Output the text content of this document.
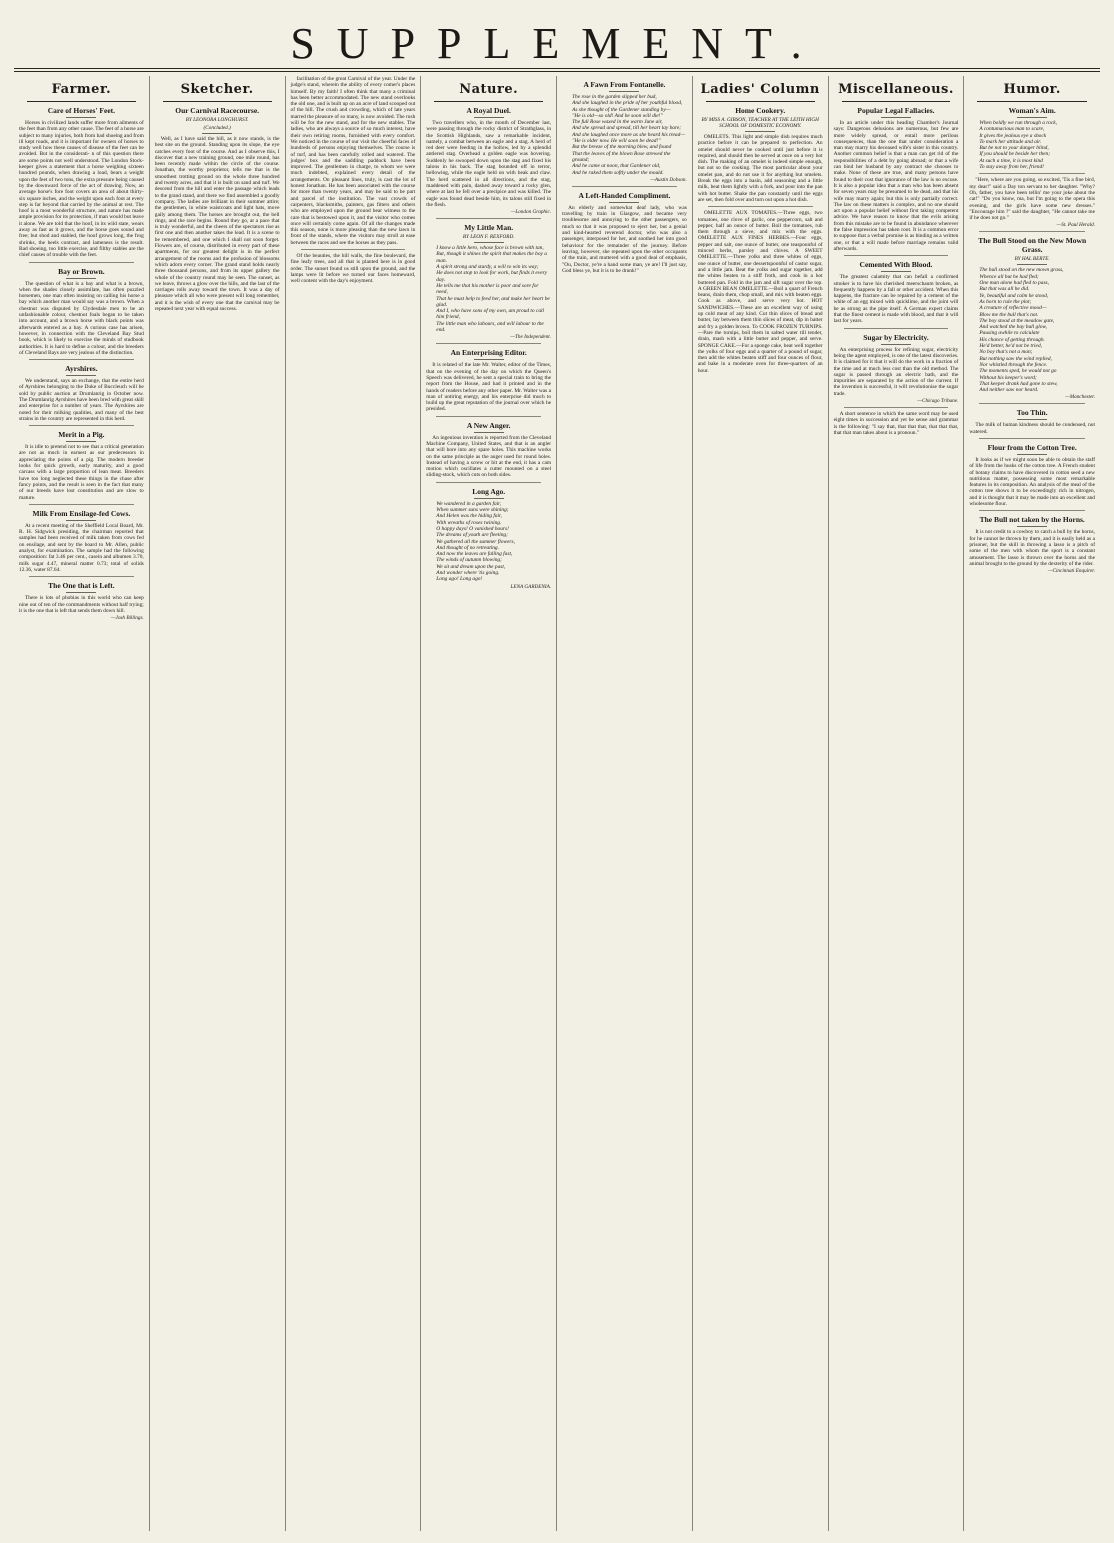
SUPPLEMENT.
Farmer.
Care of Horses' Feet.

Horses in civilized lands suffer more from ailments of the feet than from any other cause. The feet of a horse are subject to many injuries, both from bad shoeing and from ill kept roads, and it is important for owners of horses to study well how these causes of disease of the feet can be avoided. But in the considerati- n of this question there are some points not well understood. The London Stock-keeper gives a statement that a horse weighing sixteen hundred pounds, when drawing a load, bears a weight upon the feet of two tons, the extra pressure being caused by the downward force of the act of drawing. Now, an average horse's fore foot covers an area of about thirty-six square inches, and the weight upon each foot at every step is far beyond that carried by the animal at rest. The hoof is a most wonderful structure, and nature has made ample provision for its protection, if man would but leave it alone. We are told that the hoof, in its wild state, wears away as fast as it grows, and the horse goes sound and free; but shod and stabled, the hoof grows long, the frog shrinks, the heels contract, and lameness is the result. Bad shoeing, too little exercise, and filthy stables are the chief causes of trouble with the feet.

Bay or Brown.

The question of what is a bay and what is a brown, when the shades closely assimilate, has often puzzled horsemen, one man often insisting on calling his horse a bay which another man would say was a brown. When a chestnut was disputed by Clydesdale men to be an unfashionable colour, chestnut foals began to be taken into account, and a brown horse with black points was afterwards entered as a bay. A curious case has arisen, however, in connection with the Cleveland Bay Stud book, which is likely to exercise the minds of studbook authorities. It is hard to define a colour, and the breeders of Cleveland Bays are very jealous of the distinction.

Ayrshires.

We understand, says an exchange, that the entire herd of Ayrshires belonging to the Duke of Buccleuch will be sold by public auction at Drumlanrig in October now. The Drumlanrig Ayrshires have been bred with great skill and enterprise for a number of years. The Ayrshires are noted for their milking qualities, and many of the best strains in the country are represented in this herd.

Merit in a Pig.

It is idle to pretend not to see that a critical generation are not as much in earnest as our predecessors in appreciating the points of a pig. The modern breeder looks for quick growth, early maturity, and a good carcass with a large proportion of lean meat. Breeders have too long neglected these things in the chase after fancy points, and the result is seen in the fact that many of our breeds have lost constitution and are slow to mature.

Milk From Ensilage-fed Cows.

At a recent meeting of the Sheffield Local Board, Mr. R. H. Sidgwick presiding, the chairman reported that samples had been received of milk taken from cows fed on ensilage, and sent by the board to Mr. Allen, public analyst, for examination. The sample had the following composition: fat 3.46 per cent., casein and albumen 3.70, milk sugar 4.47, mineral matter 0.73; total of solids 12.36, water 87.64.

The One that is Left.

There is lots of phobias in this world who can keep nine out of ten of the commandments without half trying; it is the one that is left that sends them down hill.

—Josh Billings.
Sketcher.
Our Carnival Racecourse.
BY LEONORA LONGHURST.
(Concluded.)

Well, as I have said the hill, as it now stands, is the best site on the ground. Standing upon its slope, the eye catches every foot of the course. And as I observe this, I discover that a new training ground, one mile round, has been recently made within the circle of the course. Jonathan, the worthy proprietor, tells me that is the smoothest trotting ground on the whole three hundred and twenty acres, and that it is built on sand and turf. We descend from the hill and enter the passage which leads to the grand stand, and there we find assembled a goodly company. The ladies are brilliant in their summer attire; the gentlemen, in white waistcoats and light hats, move gaily among them. The horses are brought out, the bell rings, and the race begins. Round they go, at a pace that is truly wonderful, and the cheers of the spectators rise as first one and then another takes the lead. It is a scene to be remembered, and one which I shall not soon forget. Flowers are, of course, distributed in every part of these apartments, for our greatest delight is in the perfect arrangement of the rooms and the profusion of blossoms which adorn every corner. The grand stand holds nearly three thousand persons, and from its upper gallery the whole of the country round may be seen. The sunset, as we leave, throws a glow over the hills, and the last of the carriages rolls away toward the town. It was a day of pleasure which all who were present will long remember, and it is the wish of every one that the carnival may be repeated next year with equal success.

facilitation of the great Carnival of the year. Under the judge's stand, wherein the ability of every comer's places himself. By my faith! I often think that many a criminal has been better accommodated. The new stand overlooks the old one, and is built up on an acre of land scooped out of the hill. The crush and crowding, which of late years marred the pleasure of so many, is now avoided. The rush will be for the new stand, and for the new stables. The ladies, who are always a source of so much interest, have their own retiring rooms, furnished with every comfort. We noticed in the course of our visit the cheerful faces of hundreds of persons enjoying themselves. The course is of turf, and has been carefully rolled and watered. The judges' box and the saddling paddock have been improved. The gentlemen in charge, to whom we were much indebted, explained every detail of the arrangements. On pleasant lines, truly, is cast the lot of honest Jonathan. He has been associated with the course for more than twenty years, and may be said to be part and parcel of the institution. The vast crowds of carpenters, blacksmiths, painters, gas fitters and others who are employed upon the ground bear witness to the care that is bestowed upon it, and the visitor who comes once will certainly come again. Of all the changes made this season, none is more pleasing than the new lawn in front of the stands, where the visitors may stroll at ease between the races and see the horses as they pass.

Of the beauties, the hill walls, the fine boulevard, the fine leafy trees, and all that is planted here is in good order. The sunset found us still upon the ground, and the lamps were lit before we turned our faces homeward, well content with the day's enjoyment.

Nature.
A Royal Duel.

Two travellers who, in the month of December last, were passing through the rocky district of Strathglass, in the Scottish Highlands, saw a remarkable incident, namely, a combat between an eagle and a stag. A herd of red deer were feeding in the hollow, led by a splendid antlered stag. Overhead a golden eagle was hovering. Suddenly he swooped down upon the stag and fixed his talons in his back. The stag bounded off in terror, bellowing, while the eagle held on with beak and claw. The herd scattered in all directions, and the stag, maddened with pain, dashed away toward a rocky glen, where at last he fell over a precipice and was killed. The eagle was found dead beside him, its talons still fixed in the flesh.

—London Graphic.
My Little Man.
BY LEON F. REXFORD.
I know a little hero, whose face is brown with tan,
But, though it shines the spirit that makes the boy a man.
A spirit strong and sturdy, a will to win its way;
He does not stop to look for work, but finds it every day.
He tells me that his mother is poor and sore for need,
That he must help to feed her, and make her heart be glad.
And I, who have sons of my own, am proud to call him friend,
The little man who labours, and will labour to the end.
—The Independent.
An Enterprising Editor.

It is related of the late Mr. Walter, editor of the Times, that on the evening of the day on which the Queen's Speech was delivered, he sent a special train to bring the report from the House, and had it printed and in the hands of readers before any other paper. Mr. Walter was a man of untiring energy, and his enterprise did much to build up the great reputation of the journal over which he presided.

A New Anger.

An ingenious invention is reported from the Cleveland Machine Company, United States, and that is an angler that will bore into any spare holes. This machine works on the same principle as the auger used for round holes. Instead of having a screw or bit at the end, it has a cam motion which oscillates a cutter mounted on a steel sliding-stock, which cuts on both sides.

Long Ago.
We wandered in a garden fair,
When summer suns were shining;
And Helen was the hiding fair,
With wreaths of roses twining.
O happy days! O vanished hours!
The dreams of youth are fleeting;
We gathered all the summer flowers,
And thought of no retreating.
And now the leaves are falling fast,
The winds of autumn blowing;
We sit and dream upon the past,
And wonder where 'tis going.
Long ago! Long ago!
LENA GARDENIA.
A Fawn From Fontanelle.
The rose in the garden slipped her bud,
And she laughed in the pride of her youthful blood,
As she thought of the Gardener standing by—
"He is old—so old! And he soon will die!"
The full Rose waxed in the warm June air,
And she spread and spread, till her heart lay bare;
And she laughed once more as she heard his tread—
"He is older now. He will soon be dead!"
But the breeze of the morning blew, and found
That the leaves of the blown Rose strewed the ground;
And he came at noon, that Gardener old,
And he raked them softly under the mould.
—Austin Dobson.
A Left-Handed Compliment.

An elderly and somewhat deaf lady, who was travelling by train in Glasgow, and became very troublesome and annoying to the other passengers, so much so that it was proposed to eject her, but a genial and kind-hearted reverend doctor, who was also a passenger, interposed for her, and soothed her into good behaviour for the remainder of the journey. Before leaving, however, she repeated upon the other occupants of the train, and muttered with a good deal of emphasis, "Ou, Doctor, ye're a hand some man, ye are! I'll just say, God bless ye, but it is to be drunk!"

Ladies' Column
Home Cookery.
BY MISS A. GIBSON, TEACHER AT THE LEITH HIGH SCHOOL OF DOMESTIC ECONOMY.

OMELETS. This light and simple dish requires much practice before it can be prepared to perfection. An omelet should never be cooked until just before it is required, and should then be served at once on a very hot dish. The making of an omelet is indeed simple enough, but not so the cooking. The most particular about your omelet pan, and do not use it for anything but omelets. Break the eggs into a basin, add seasoning and a little milk, beat them lightly with a fork, and pour into the pan with hot butter. Shake the pan constantly until the eggs are set, then fold over and turn out upon a hot dish.

OMELETTE AUX TOMATES.—Three eggs, two tomatoes, one clove of garlic, one peppercorn, salt and pepper, half an ounce of butter. Boil the tomatoes, rub them through a sieve, and mix with the eggs. OMELETTE AUX FINES HERBES.—Four eggs, pepper and salt, one ounce of butter, one teaspoonful of minced herbs, parsley and chives. A SWEET OMELETTE.—Three yolks and three whites of eggs, one ounce of butter, one dessertspoonful of castor sugar, and a little jam. Beat the yolks and sugar together, add the whites beaten to a stiff froth, and cook in a hot buttered pan. Fold in the jam and sift sugar over the top. A GREEN BEAN OMELETTE.—Boil a quart of French beans, drain them, chop small, and mix with beaten eggs. Cook as above, and serve very hot. HOT SANDWICHES.—These are an excellent way of using up cold meat of any kind. Cut thin slices of bread and butter, lay between them thin slices of meat, dip in batter and fry a golden brown. To COOK FROZEN TURNIPS.—Pare the turnips, boil them in salted water till tender, drain, mash with a little butter and pepper, and serve. SPONGE CAKE.—For a sponge cake, beat well together the yolks of four eggs and a quarter of a pound of sugar, then add the whites beaten stiff and four ounces of flour, and bake in a moderate oven for three-quarters of an hour.

Miscellaneous.
Popular Legal Fallacies.

In an article under this heading Chamber's Journal says: Dangerous delusions are numerous, but few are more widely spread, or entail more perilous consequences, than the one that under consideration a man may marry his deceased wife's sister in this country. Another common belief is that a man can get rid of the responsibilities of a debt by going abroad; or that a wife can bind her husband by any contract she chooses to make. None of these are true, and many persons have found to their cost that ignorance of the law is no excuse. It is also a popular idea that a man who has been absent for seven years may be presumed to be dead, and that his wife may marry again; but this is only partially correct. The law on these matters is complex, and no one should act upon a popular belief without first taking competent advice. We have reason to know that the evils arising from this mistake are to be found in abundance wherever the false impression has taken root. It is a common error to suppose that a verbal promise is as binding as a written one, or that a will made before marriage remains valid afterwards.

Cemented With Blood.

The greatest calamity that can befall a confirmed smoker is to have his cherished meerschaum broken, as frequently happens by a fall or other accident. When this happens, the fracture can be repaired by a cement of the white of an egg mixed with quicklime, and the joint will be as strong as the pipe itself. A German expert claims that the finest cement is made with blood, and that it will last for years.

Sugar by Electricity.

An enterprising process for refining sugar, electricity being the agent employed, is one of the latest discoveries. It is claimed for it that it will do the work in a fraction of the time and at much less cost than the old method. The sugar is passed through an electric bath, and the impurities are separated by the action of the current. If the invention is successful, it will revolutionise the sugar trade.

—Chicago Tribune.

A short sentence in which the same word may be used eight times in succession and yet be sense and grammar is the following: "I say that, that that that, that that that, that that man takes about is a pronoun."

Humor.
Woman's Aim.
When boldly we run through a rock,
A contumacious man to scare,
It gives the jealous eye a shock
To mark her attitude and air.
But be not to your danger blind,
If you should be beside her then;
At such a time, it is most kind
To stay away from her, friend!

"Here, where are you going, so excited, 'Tis a fine bird, my dear!" said a Day ton servant to her daughter. "Why? Oh, father, you have been tellin' me your joke about the cat!" "Do you know, ma, but I'm going to the opera this evening, and the girls have some new dresses." "Encourage him ?" said the daughter, "He cannot take me if he does not go."

—St. Paul Herald.
The Bull Stood on the New Mown Grass.
BY HAL BERTE.
The bull stood on the new mown grass,
Whence all but he had fled;
One man alone had fled to pass,
But that was all he did.
Ye, beautiful and calm he stood,
As born to rule the plot;
A creature of reflective mood—
Blow me the bull that's not.
The boy stood at the meadow gate,
And watched the bay bull glow,
Pausing awhile to calculate
His chance of getting through.
He'd better, he'd not be tried,
No boy that's not a man;
But nothing saw the wind replied,
Nor whistled through the fence.
The moments sped, he would not go
Without his keeper's word;
That keeper drank had gone to stew,
And neither saw nor heard.
—Manchester.
Too Thin.

The milk of human kindness should be condensed, not watered.

Flour from the Cotton Tree.

It looks as if we might soon be able to obtain the staff of life from the husks of the cotton tree. A French student of botany claims to have discovered in cotton seed a new nutritious matter, possessing some most remarkable features in its composition. An analysis of the meal of the cotton tree shows it to be exceedingly rich in nitrogen, and it is thought that it may be made into an excellent and wholesome flour.

The Bull not taken by the Horns.

It is not credit to a cowboy to catch a bull by the horns, for he cannot be thrown by them, and it is easily held as a prisoner, but the skill in throwing a lasso is a pitch of some of the men with whom the sport is a constant amusement. The lasso is thrown over the horns and the animal brought to the ground by the dexterity of the rider.

—Cincinnati Enquirer.
